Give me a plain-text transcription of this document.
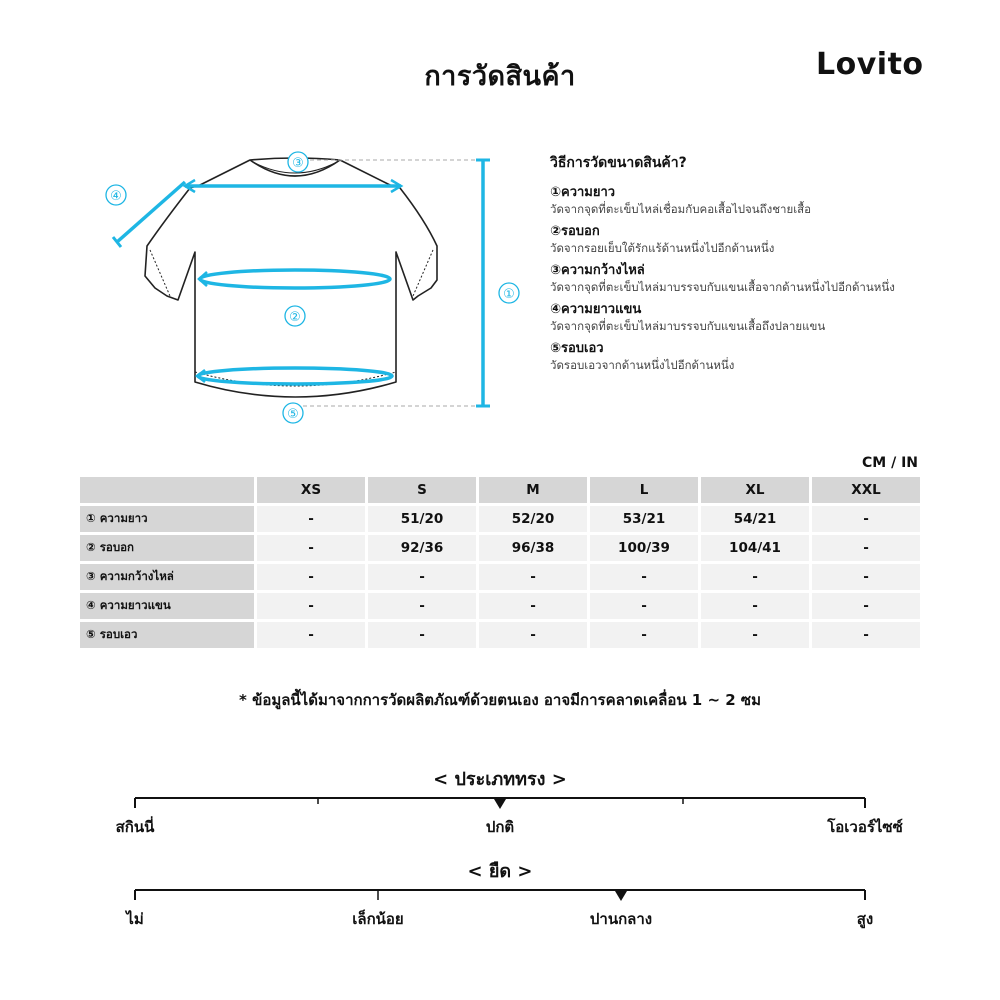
การวัดสินค้า	Lovito
③
④
①
②
⑤
วิธีการวัดขนาดสินค้า?
①ความยาว
วัดจากจุดที่ตะเข็บไหล่เชื่อมกับคอเสื้อไปจนถึงชายเสื้อ
②รอบอก
วัดจากรอยเย็บใต้รักแร้ด้านหนึ่งไปอีกด้านหนึ่ง
③ความกว้างไหล่
วัดจากจุดที่ตะเข็บไหล่มาบรรจบกับแขนเสื้อจากด้านหนึ่งไปอีกด้านหนึ่ง
④ความยาวแขน
วัดจากจุดที่ตะเข็บไหล่มาบรรจบกับแขนเสื้อถึงปลายแขน
⑤รอบเอว
วัดรอบเอวจากด้านหนึ่งไปอีกด้านหนึ่ง
CM / IN
	XS	S	M	L	XL	XXL
① ความยาว	-	51/20	52/20	53/21	54/21	-
② รอบอก	-	92/36	96/38	100/39	104/41	-
③ ความกว้างไหล่	-	-	-	-	-	-
④ ความยาวแขน	-	-	-	-	-	-
⑤ รอบเอว	-	-	-	-	-	-
* ข้อมูลนี้ได้มาจากการวัดผลิตภัณฑ์ด้วยตนเอง อาจมีการคลาดเคลื่อน 1 ~ 2 ซม
< ประเภททรง >
สกินนี่	ปกติ	โอเวอร์ไซซ์
< ยืด >
ไม่	เล็กน้อย	ปานกลาง	สูง
